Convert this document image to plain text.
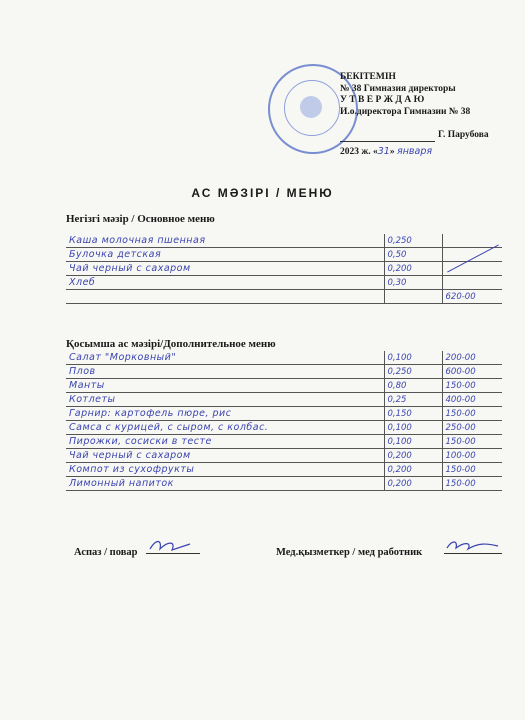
БЕКІТЕМІН
№ 38 Гимназия директоры
У Т В Е Р Ж Д А Ю
И.о.директора Гимназии № 38
Г. Парубова
2023 ж. «31» января
АС МӘЗІРІ / МЕНЮ
Негізгі мәзір / Основное меню
Каша молочная пшенная	0,250	
Булочка детская	0,50	
Чай черный с сахаром	0,200	
Хлеб	0,30	
		620-00
Қосымша ас мәзірі/Дополнительное меню
Салат "Морковный"	0,100	200-00
Плов	0,250	600-00
Манты	0,80	150-00
Котлеты	0,25	400-00
Гарнир: картофель пюре, рис	0,150	150-00
Самса с курицей, с сыром, с колбас.	0,100	250-00
Пирожки, сосиски в тесте	0,100	150-00
Чай черный с сахаром	0,200	100-00
Компот из сухофрукты	0,200	150-00
Лимонный напиток	0,200	150-00
Аспаз / повар	Мед.қызметкер / мед работник
